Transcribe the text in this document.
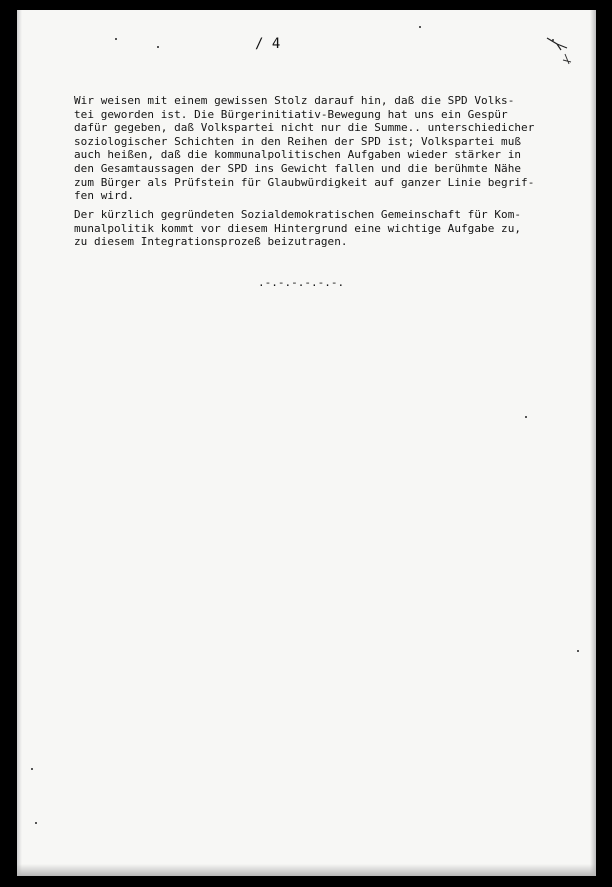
/ 4

Wir weisen mit einem gewissen Stolz darauf hin, daß die SPD Volks-
tei geworden ist. Die Bürgerinitiativ-Bewegung hat uns ein Gespür
dafür gegeben, daß Volkspartei nicht nur die Summe.. unterschiedicher
soziologischer Schichten in den Reihen der SPD ist; Volkspartei muß
auch heißen, daß die kommunalpolitischen Aufgaben wieder stärker in
den Gesamtaussagen der SPD ins Gewicht fallen und die berühmte Nähe
zum Bürger als Prüfstein für Glaubwürdigkeit auf ganzer Linie begrif-
fen wird.

Der kürzlich gegründeten Sozialdemokratischen Gemeinschaft für Kom-
munalpolitik kommt vor diesem Hintergrund eine wichtige Aufgabe zu,
zu diesem Integrationsprozeß beizutragen.

.-.-.-.-.-.-.
